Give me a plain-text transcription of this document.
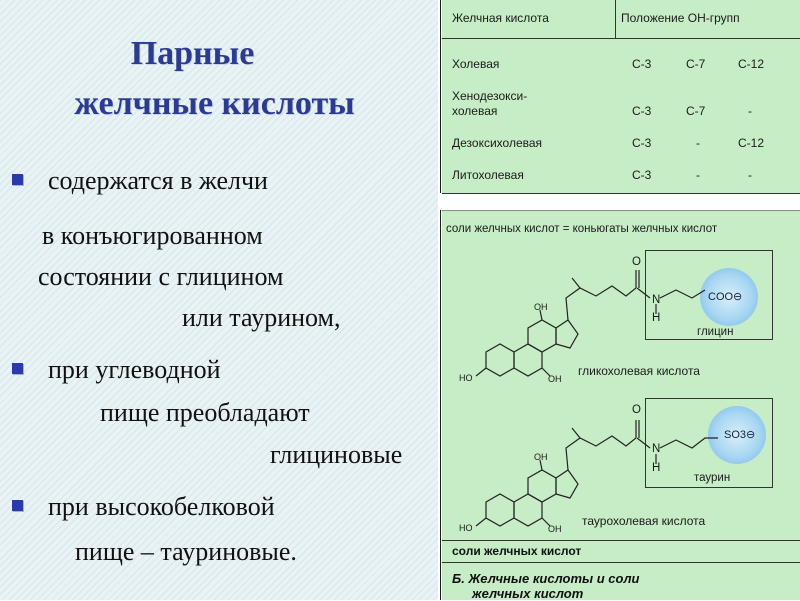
Парные
желчные кислоты
содержатся в желчи
в конъюгированном
состоянии с глицином
или таурином,
при углеводной
пище преобладают
глициновые
при высокобелковой
пище – тауриновые.
Желчная кислота	Положение ОН-групп
Холевая	С-3	С-7	С-12
Хенодезокси-
холевая	С-3	С-7	-
Дезоксихолевая	С-3	-	С-12
Литохолевая	С-3	-	-
соли желчных кислот = коньюгаты желчных кислот
COO⊖
глицин
гликохолевая кислота
SO3⊖
таурин
таурохолевая кислота
O
N
H
OH
HO	OH
O
N
H
OH
HO	OH
соли желчных кислот
Б. Желчные кислоты и соли
желчных кислот
